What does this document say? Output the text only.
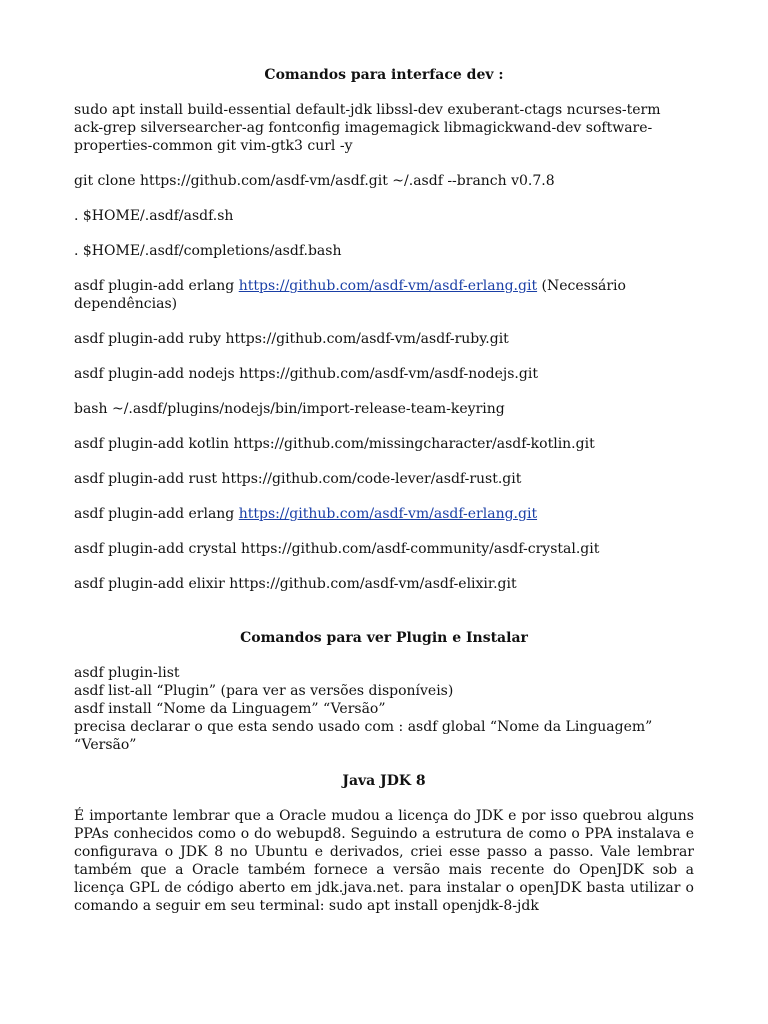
Comandos para interface dev :

sudo apt install build-essential default-jdk libssl-dev exuberant-ctags ncurses-term ack-grep silversearcher-ag fontconfig imagemagick libmagickwand-dev software-properties-common git vim-gtk3 curl -y

git clone https://github.com/asdf-vm/asdf.git ~/.asdf --branch v0.7.8

. $HOME/.asdf/asdf.sh

. $HOME/.asdf/completions/asdf.bash

asdf plugin-add erlang https://github.com/asdf-vm/asdf-erlang.git (Necessário dependências)

asdf plugin-add ruby https://github.com/asdf-vm/asdf-ruby.git

asdf plugin-add nodejs https://github.com/asdf-vm/asdf-nodejs.git

bash ~/.asdf/plugins/nodejs/bin/import-release-team-keyring

asdf plugin-add kotlin https://github.com/missingcharacter/asdf-kotlin.git

asdf plugin-add rust https://github.com/code-lever/asdf-rust.git

asdf plugin-add erlang https://github.com/asdf-vm/asdf-erlang.git

asdf plugin-add crystal https://github.com/asdf-community/asdf-crystal.git

asdf plugin-add elixir https://github.com/asdf-vm/asdf-elixir.git

Comandos para ver Plugin e Instalar

asdf plugin-list

asdf list-all “Plugin” (para ver as versões disponíveis)

asdf install “Nome da Linguagem” “Versão”

precisa declarar o que esta sendo usado com : asdf global “Nome da Linguagem” “Versão”

Java JDK 8

É importante lembrar que a Oracle mudou a licença do JDK e por isso quebrou alguns PPAs conhecidos como o do webupd8. Seguindo a estrutura de como o PPA instalava e configurava o JDK 8 no Ubuntu e derivados, criei esse passo a passo. Vale lembrar também que a Oracle também fornece a versão mais recente do OpenJDK sob a licença GPL de código aberto em jdk.java.net. para instalar o openJDK basta utilizar o comando a seguir em seu terminal: sudo apt install openjdk-8-jdk
